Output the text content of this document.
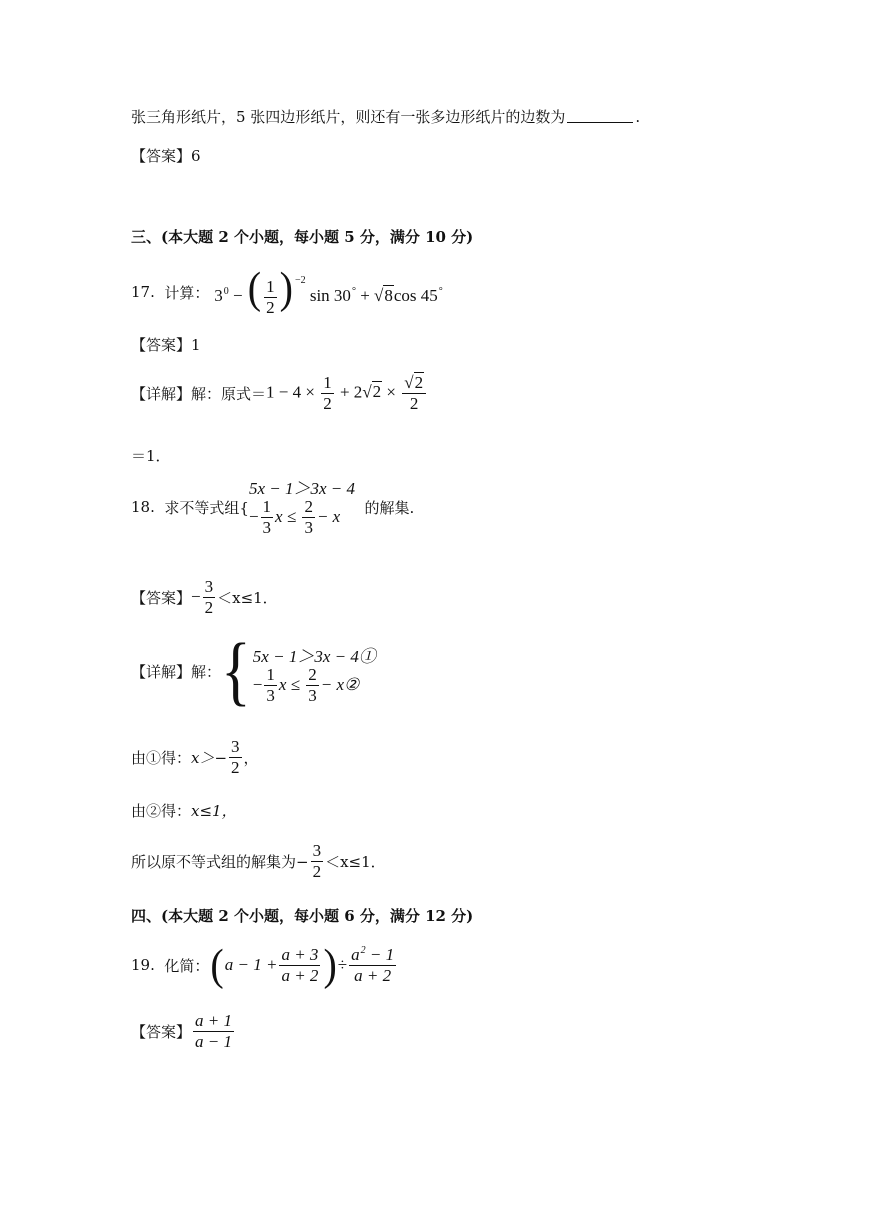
张三角形纸片，5 张四边形纸片，则还有一张多边形纸片的边数为	.
【答案】 6
三、(本大题 2 个小题，每小题 5 分，满分 10 分)
17.
计算：
$3^0$ − ( $\frac{1}{2}$ ) $^{-2}$ sin 30° + √8cos 45°
【答案】 1
【详解】 解：原式＝ $1 - 4 \times \frac{1}{2} + 2√2 \times \frac{√2}{2}$
＝1．
18.
求不等式组{
5x − 1＞3x − 4
− $\frac{1}{3}$ x ≤
$\frac{2}{3} - x$
的解集.
【答案】 − $\frac{3}{2} <x\le 1$．
【详解】 解： { 5x − 1＞3x − 4①
− $\frac{1}{3}$ x ≤
$\frac{2}{3}$ − x②
由①得： $x>- \frac{3}{2}$ ，
由②得： x≤1，
所以原不等式组的解集为− $\frac{3}{2} <x\le 1$．
四、(本大题 2 个小题，每小题 6 分，满分 12 分)
19.
化简： ( $a - 1 + \frac{a + 3}{a + 2}$ ) ÷ $\frac{a^2 - 1}{a + 2}$
【答案】 $\frac{a + 1}{a - 1}$
